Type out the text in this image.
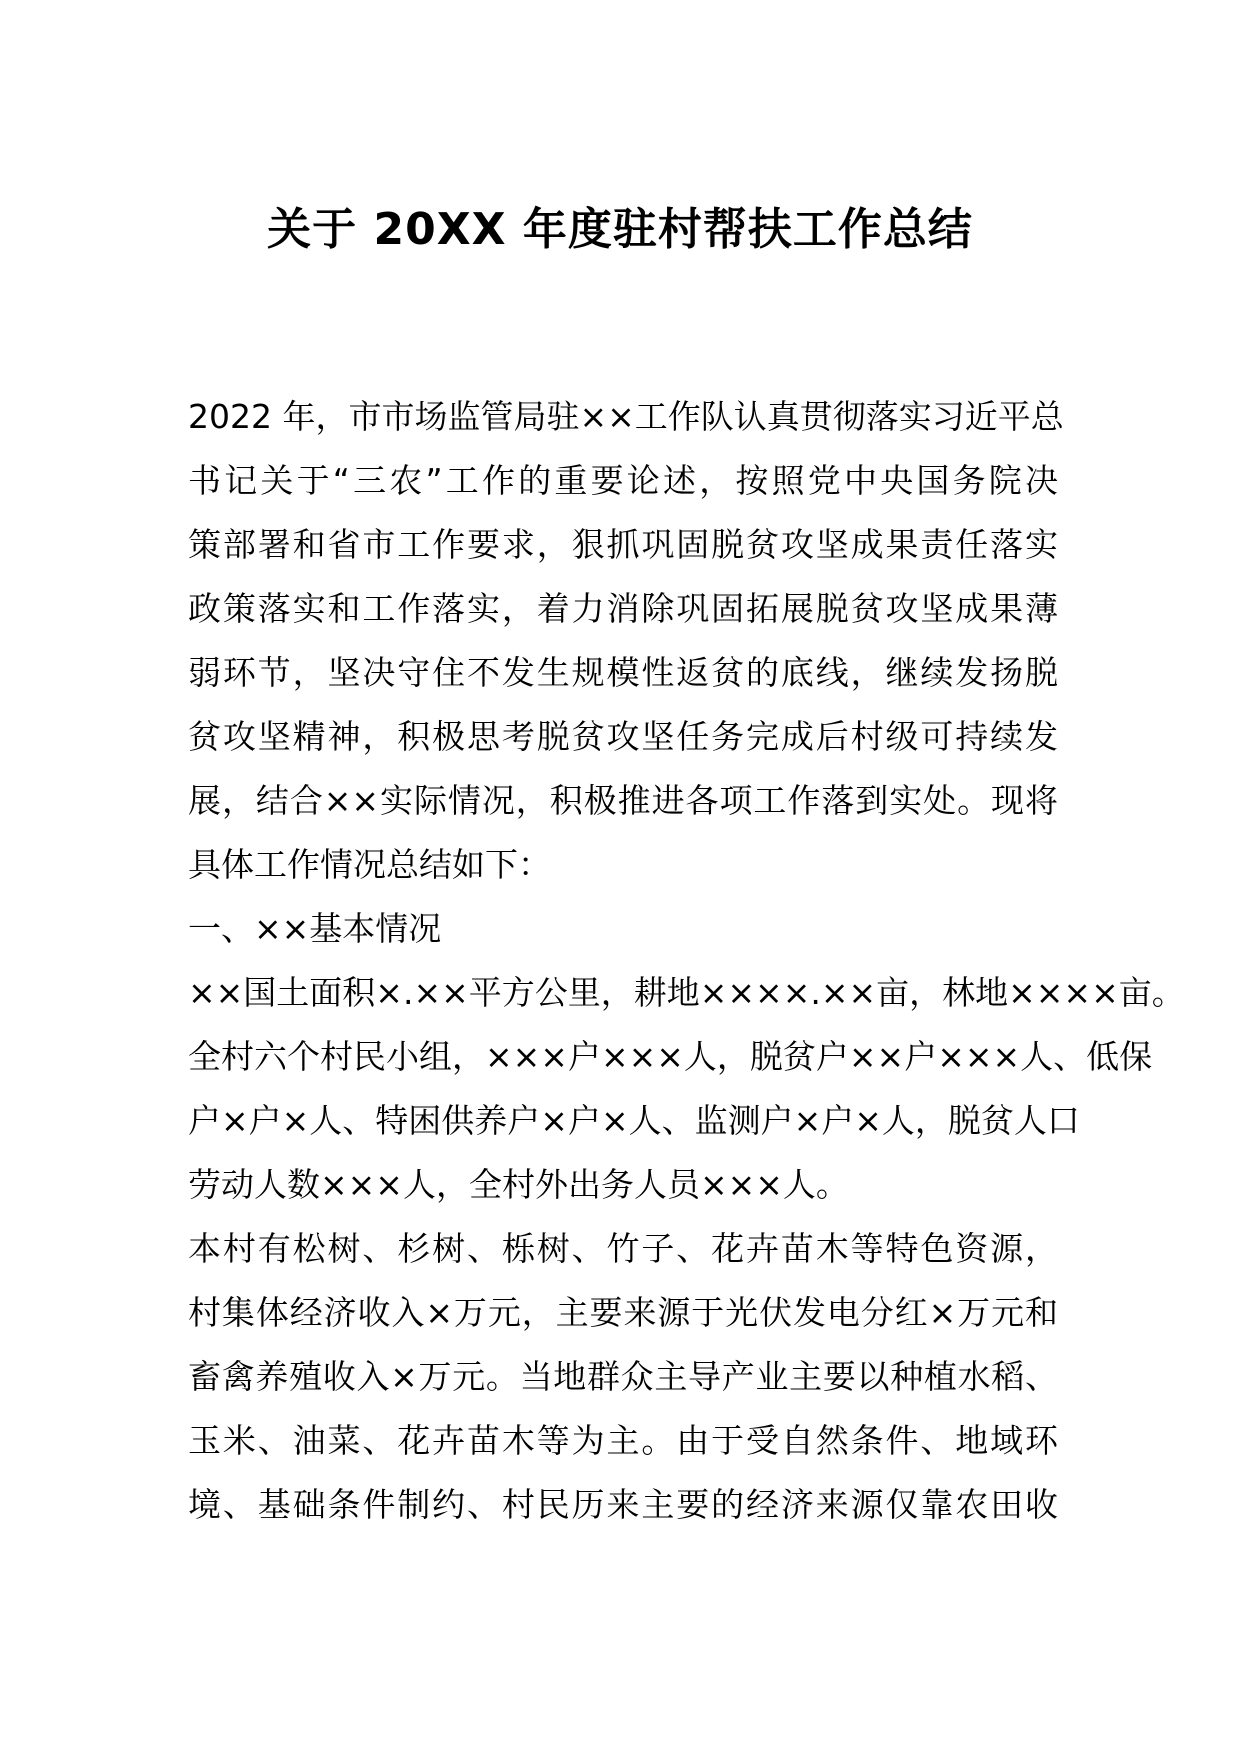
关于 20XX 年度驻村帮扶工作总结

2022 年，市市场监管局驻××工作队认真贯彻落实习近平总

书记关于“三农”工作的重要论述，按照党中央国务院决

策部署和省市工作要求，狠抓巩固脱贫攻坚成果责任落实

政策落实和工作落实，着力消除巩固拓展脱贫攻坚成果薄

弱环节，坚决守住不发生规模性返贫的底线，继续发扬脱

贫攻坚精神，积极思考脱贫攻坚任务完成后村级可持续发

展，结合××实际情况，积极推进各项工作落到实处。现将

具体工作情况总结如下：

一、××基本情况

××国土面积×.××平方公里，耕地××××.××亩，林地××××亩。

全村六个村民小组，×××户×××人，脱贫户××户×××人、低保

户×户×人、特困供养户×户×人、监测户×户×人，脱贫人口

劳动人数×××人，全村外出务人员×××人。

本村有松树、杉树、栎树、竹子、花卉苗木等特色资源，

村集体经济收入×万元，主要来源于光伏发电分红×万元和

畜禽养殖收入×万元。当地群众主导产业主要以种植水稻、

玉米、油菜、花卉苗木等为主。由于受自然条件、地域环

境、基础条件制约、村民历来主要的经济来源仅靠农田收
